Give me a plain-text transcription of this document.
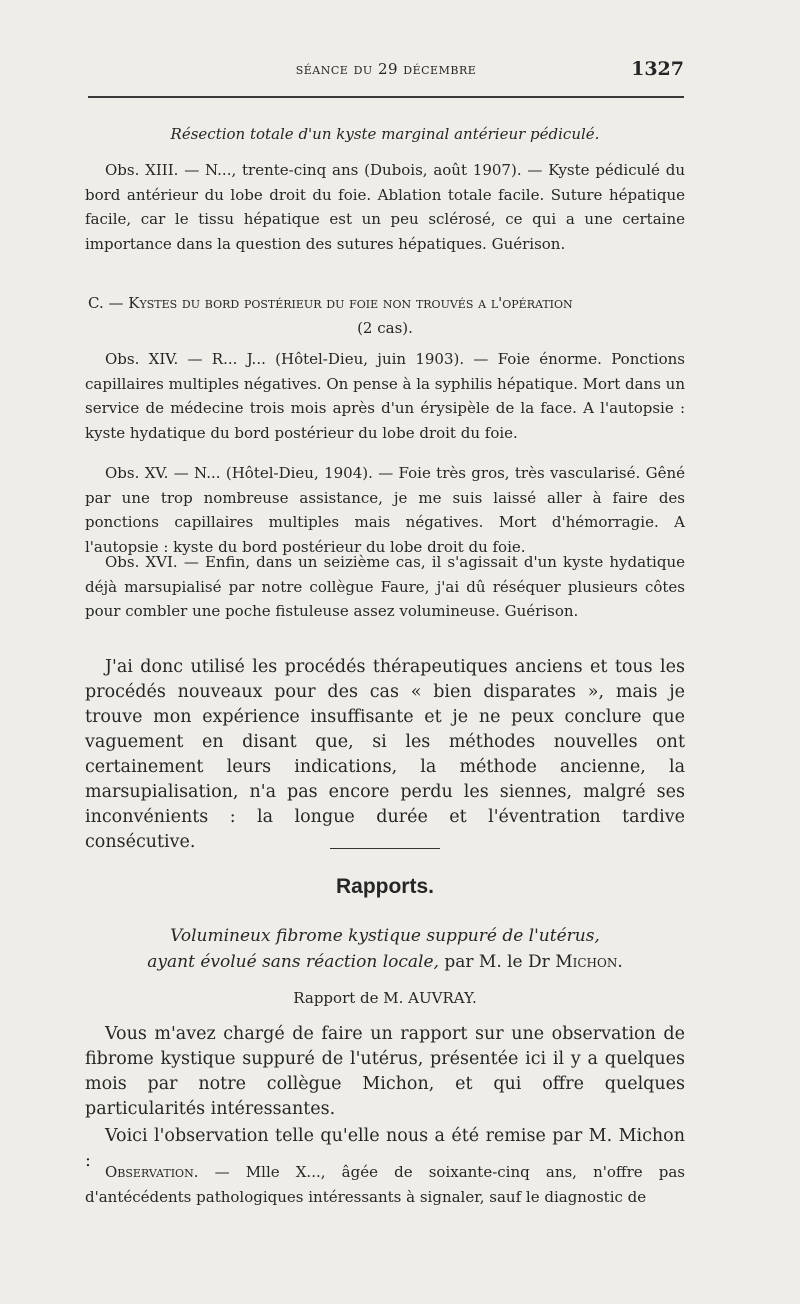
séance du 29 décembre	1327
Résection totale d'un kyste marginal antérieur pédiculé.
Obs. XIII. — N..., trente-cinq ans (Dubois, août 1907). — Kyste pédiculé du bord antérieur du lobe droit du foie. Ablation totale facile. Suture hépatique facile, car le tissu hépatique est un peu sclérosé, ce qui a une certaine importance dans la question des sutures hépatiques. Guérison.

C. — Kystes du bord postérieur du foie non trouvés a l'opération

(2 cas).

Obs. XIV. — R... J... (Hôtel-Dieu, juin 1903). — Foie énorme. Ponctions capillaires multiples négatives. On pense à la syphilis hépatique. Mort dans un service de médecine trois mois après d'un érysipèle de la face. A l'autopsie : kyste hydatique du bord postérieur du lobe droit du foie.
Obs. XV. — N... (Hôtel-Dieu, 1904). — Foie très gros, très vascularisé. Gêné par une trop nombreuse assistance, je me suis laissé aller à faire des ponctions capillaires multiples mais négatives. Mort d'hémorragie. A l'autopsie : kyste du bord postérieur du lobe droit du foie.
Obs. XVI. — Enfin, dans un seizième cas, il s'agissait d'un kyste hydatique déjà marsupialisé par notre collègue Faure, j'ai dû réséquer plusieurs côtes pour combler une poche fistuleuse assez volumineuse. Guérison.
J'ai donc utilisé les procédés thérapeutiques anciens et tous les procédés nouveaux pour des cas « bien disparates », mais je trouve mon expérience insuffisante et je ne peux conclure que vaguement en disant que, si les méthodes nouvelles ont certainement leurs indications, la méthode ancienne, la marsupialisation, n'a pas encore perdu les siennes, malgré ses inconvénients : la longue durée et l'éventration tardive consécutive.
Rapports.

Volumineux fibrome kystique suppuré de l'utérus,

ayant évolué sans réaction locale, par M. le Dr Michon.

Rapport de M. AUVRAY.
Vous m'avez chargé de faire un rapport sur une observation de fibrome kystique suppuré de l'utérus, présentée ici il y a quelques mois par notre collègue Michon, et qui offre quelques particularités intéressantes.
Voici l'observation telle qu'elle nous a été remise par M. Michon :
Observation. — Mlle X..., âgée de soixante-cinq ans, n'offre pas d'antécédents pathologiques intéressants à signaler, sauf le diagnostic de
